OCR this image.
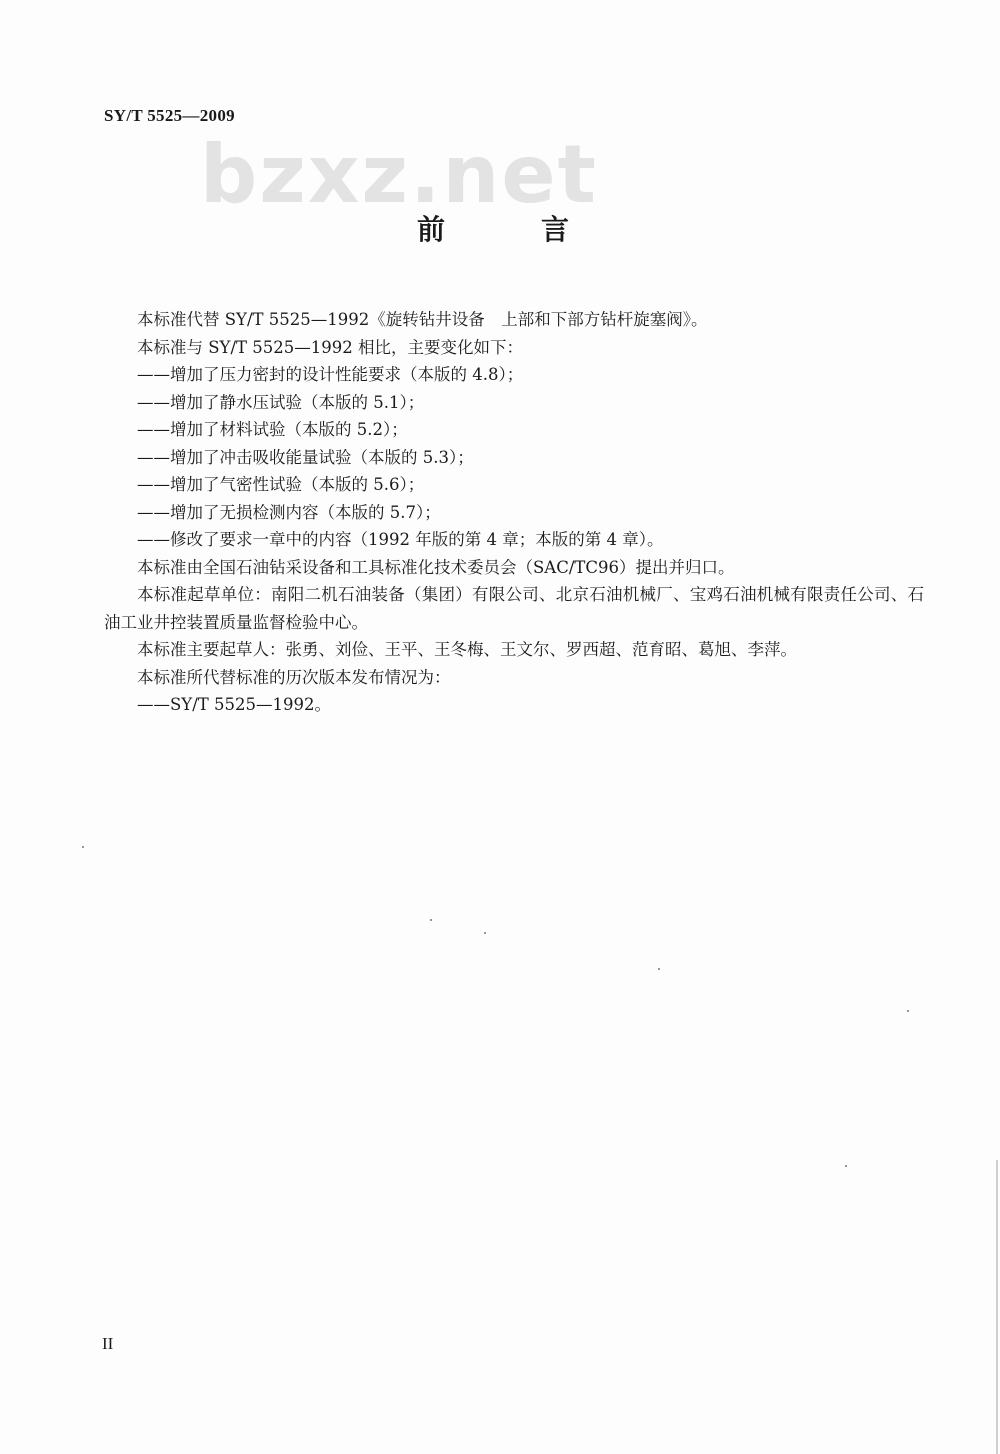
SY/T 5525—2009
bzxz.net
前　言

本标准代替 SY/T 5525—1992《旋转钻井设备　上部和下部方钻杆旋塞阀》。

本标准与 SY/T 5525—1992 相比，主要变化如下：

——增加了压力密封的设计性能要求（本版的 4.8）；

——增加了静水压试验（本版的 5.1）；

——增加了材料试验（本版的 5.2）；

——增加了冲击吸收能量试验（本版的 5.3）；

——增加了气密性试验（本版的 5.6）；

——增加了无损检测内容（本版的 5.7）；

——修改了要求一章中的内容（1992 年版的第 4 章；本版的第 4 章）。

本标准由全国石油钻采设备和工具标准化技术委员会（SAC/TC96）提出并归口。

本标准起草单位：南阳二机石油装备（集团）有限公司、北京石油机械厂、宝鸡石油机械有限责任公司、石油工业井控装置质量监督检验中心。

本标准主要起草人：张勇、刘俭、王平、王冬梅、王文尔、罗西超、范育昭、葛旭、李萍。

本标准所代替标准的历次版本发布情况为：

——SY/T 5525—1992。

II
